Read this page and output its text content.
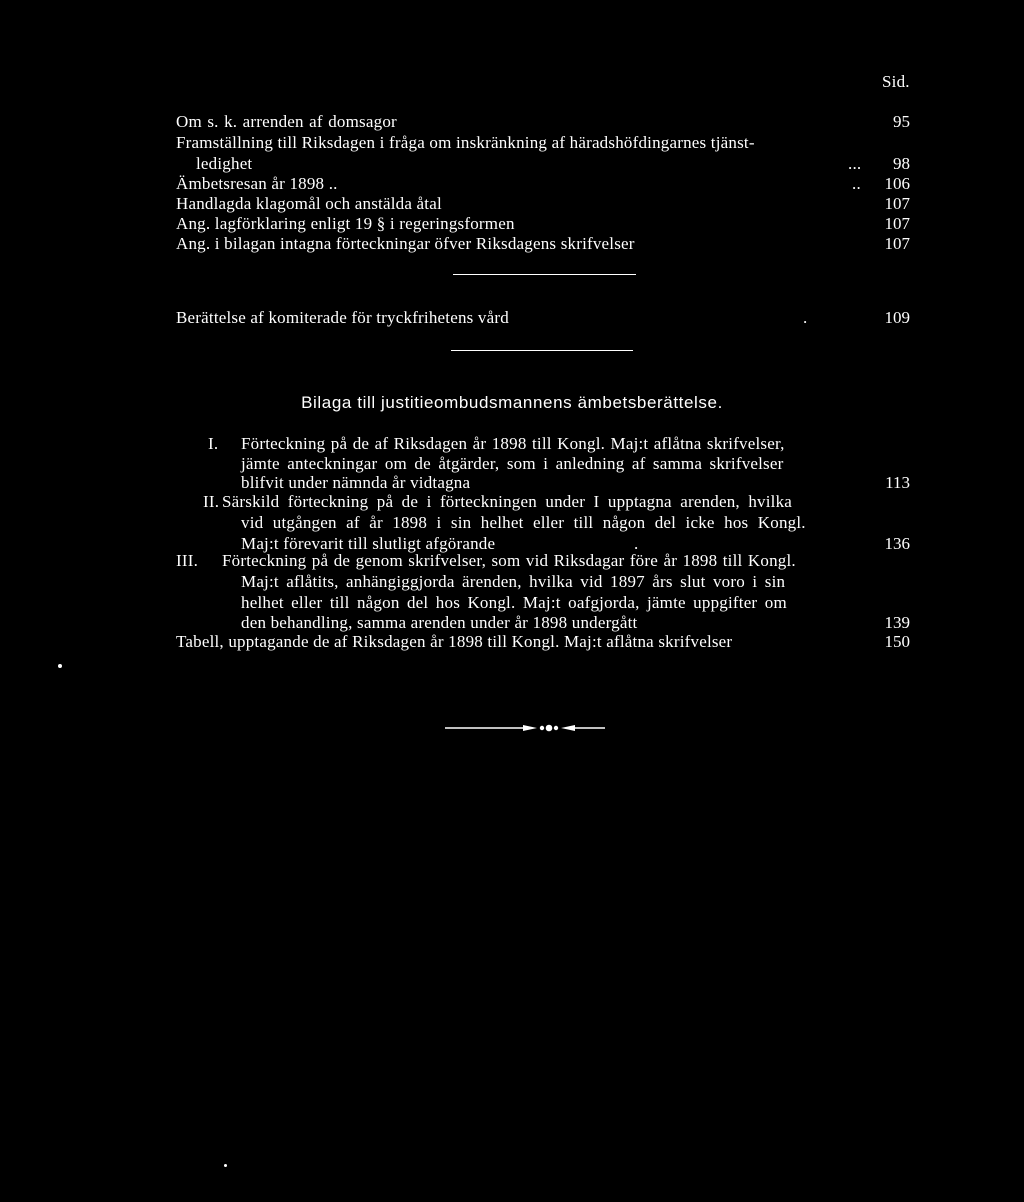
Sid.
Om s. k. arrenden af domsagor	95
Framställning till Riksdagen i fråga om inskränkning af häradshöfdingarnes tjänst-
ledighet	...	98
Ämbetsresan år 1898 ..	..	106
Handlagda klagomål och anstälda åtal	107
Ang. lagförklaring enligt 19 § i regeringsformen	107
Ang. i bilagan intagna förteckningar öfver Riksdagens skrifvelser	107
Berättelse af komiterade för tryckfrihetens vård	.	109
Bilaga till justitieombudsmannens ämbetsberättelse.
I. Förteckning på de af Riksdagen år 1898 till Kongl. Maj:t aflåtna skrifvelser,
jämte anteckningar om de åtgärder, som i anledning af samma skrifvelser
blifvit under nämnda år vidtagna	113
II. Särskild förteckning på de i förteckningen under I upptagna arenden, hvilka
vid utgången af år 1898 i sin helhet eller till någon del icke hos Kongl.
Maj:t förevarit till slutligt afgörande	.	136
III. Förteckning på de genom skrifvelser, som vid Riksdagar före år 1898 till Kongl.
Maj:t aflåtits, anhängiggjorda ärenden, hvilka vid 1897 års slut voro i sin
helhet eller till någon del hos Kongl. Maj:t oafgjorda, jämte uppgifter om
den behandling, samma arenden under år 1898 undergått	139
Tabell, upptagande de af Riksdagen år 1898 till Kongl. Maj:t aflåtna skrifvelser	150
